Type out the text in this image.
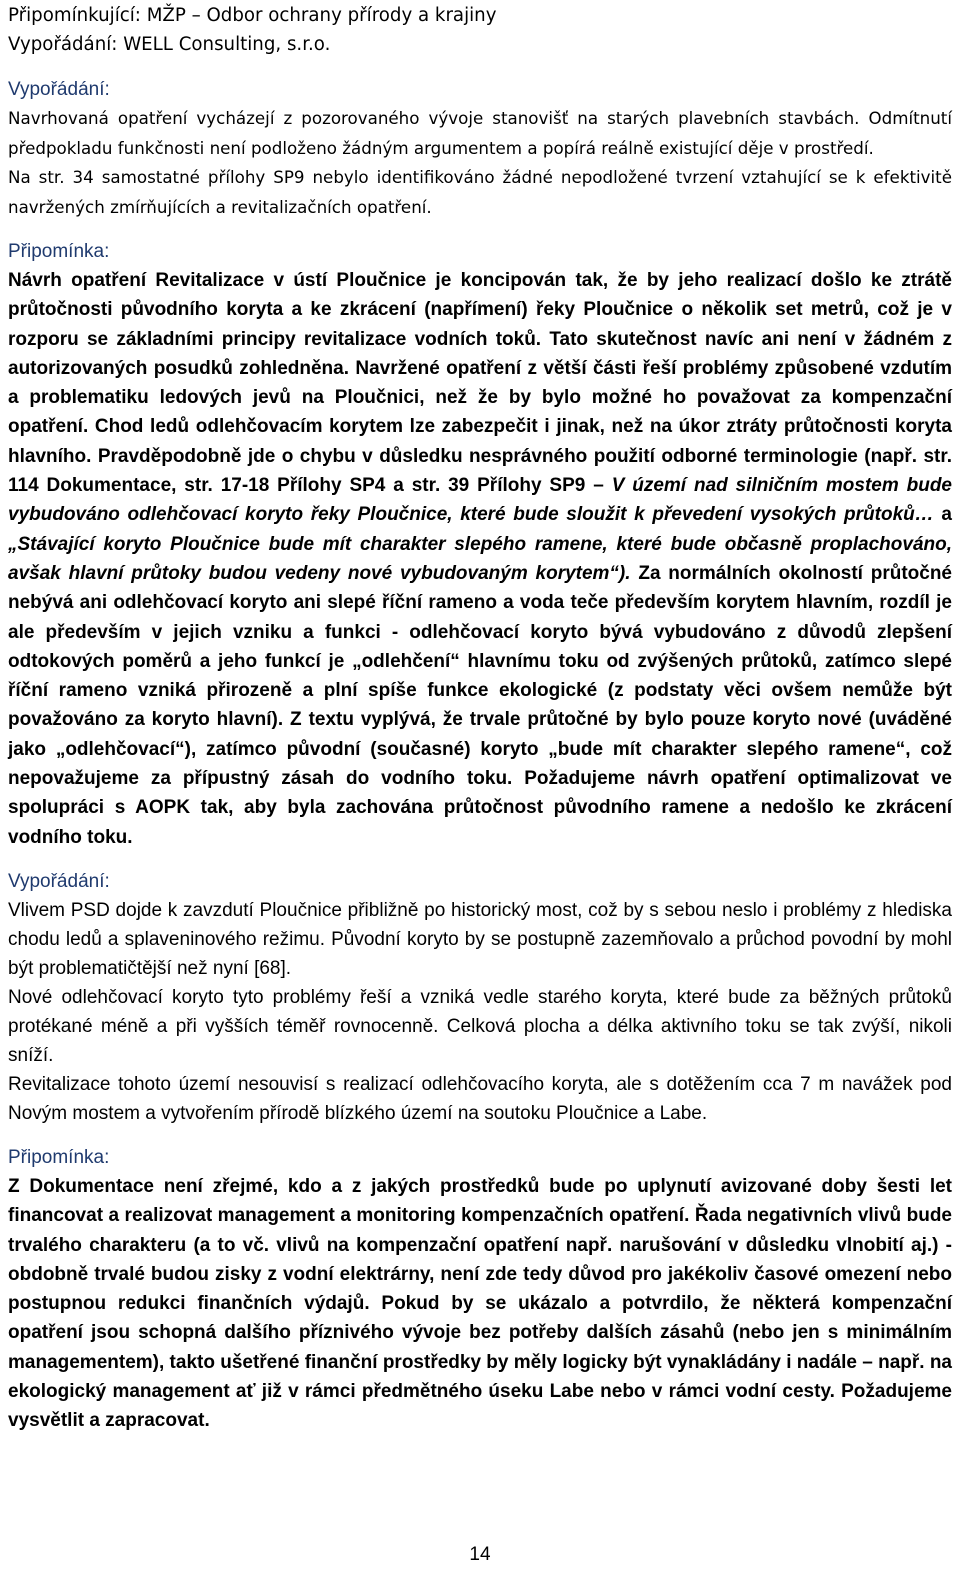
Připomínkující: MŽP – Odbor ochrany přírody a krajiny

Vypořádání: WELL Consulting, s.r.o.

Vypořádání:

Navrhovaná opatření vycházejí z pozorovaného vývoje stanovišť na starých plavebních stavbách. Odmítnutí předpokladu funkčnosti není podloženo žádným argumentem a popírá reálně existující děje v prostředí.

Na str. 34 samostatné přílohy SP9 nebylo identifikováno žádné nepodložené tvrzení vztahující se k efektivitě navržených zmírňujících a revitalizačních opatření.

Připomínka:

Návrh opatření Revitalizace v ústí Ploučnice je koncipován tak, že by jeho realizací došlo ke ztrátě průtočnosti původního koryta a ke zkrácení (napřímení) řeky Ploučnice o několik set metrů, což je v rozporu se základními principy revitalizace vodních toků. Tato skutečnost navíc ani není v žádném z autorizovaných posudků zohledněna. Navržené opatření z větší části řeší problémy způsobené vzdutím a problematiku ledových jevů na Ploučnici, než že by bylo možné ho považovat za kompenzační opatření. Chod ledů odlehčovacím korytem lze zabezpečit i jinak, než na úkor ztráty průtočnosti koryta hlavního. Pravděpodobně jde o chybu v důsledku nesprávného použití odborné terminologie (např. str. 114 Dokumentace, str. 17-18 Přílohy SP4 a str. 39 Přílohy SP9 – V území nad silničním mostem bude vybudováno odlehčovací koryto řeky Ploučnice, které bude sloužit k převedení vysokých průtoků… a „Stávající koryto Ploučnice bude mít charakter slepého ramene, které bude občasně proplachováno, avšak hlavní průtoky budou vedeny nové vybudovaným korytem“). Za normálních okolností průtočné nebývá ani odlehčovací koryto ani slepé říční rameno a voda teče především korytem hlavním, rozdíl je ale především v jejich vzniku a funkci - odlehčovací koryto bývá vybudováno z důvodů zlepšení odtokových poměrů a jeho funkcí je „odlehčení“ hlavnímu toku od zvýšených průtoků, zatímco slepé říční rameno vzniká přirozeně a plní spíše funkce ekologické (z podstaty věci ovšem nemůže být považováno za koryto hlavní). Z textu vyplývá, že trvale průtočné by bylo pouze koryto nové (uváděné jako „odlehčovací“), zatímco původní (současné) koryto „bude mít charakter slepého ramene“, což nepovažujeme za přípustný zásah do vodního toku. Požadujeme návrh opatření optimalizovat ve spolupráci s AOPK tak, aby byla zachována průtočnost původního ramene a nedošlo ke zkrácení vodního toku.

Vypořádání:

Vlivem PSD dojde k zavzdutí Ploučnice přibližně po historický most, což by s sebou neslo i problémy z hlediska chodu ledů a splaveninového režimu. Původní koryto by se postupně zazemňovalo a průchod povodní by mohl být problematičtější než nyní [68].

Nové odlehčovací koryto tyto problémy řeší a vzniká vedle starého koryta, které bude za běžných průtoků protékané méně a při vyšších téměř rovnocenně. Celková plocha a délka aktivního toku se tak zvýší, nikoli sníží.

Revitalizace tohoto území nesouvisí s realizací odlehčovacího koryta, ale s dotěžením cca 7 m navážek pod Novým mostem a vytvořením přírodě blízkého území na soutoku Ploučnice a Labe.

Připomínka:

Z Dokumentace není zřejmé, kdo a z jakých prostředků bude po uplynutí avizované doby šesti let financovat a realizovat management a monitoring kompenzačních opatření. Řada negativních vlivů bude trvalého charakteru (a to vč. vlivů na kompenzační opatření např. narušování v důsledku vlnobití aj.) - obdobně trvalé budou zisky z vodní elektrárny, není zde tedy důvod pro jakékoliv časové omezení nebo postupnou redukci finančních výdajů. Pokud by se ukázalo a potvrdilo, že některá kompenzační opatření jsou schopná dalšího příznivého vývoje bez potřeby dalších zásahů (nebo jen s minimálním managementem), takto ušetřené finanční prostředky by měly logicky být vynakládány i nadále – např. na ekologický management ať již v rámci předmětného úseku Labe nebo v rámci vodní cesty. Požadujeme vysvětlit a zapracovat.

14
